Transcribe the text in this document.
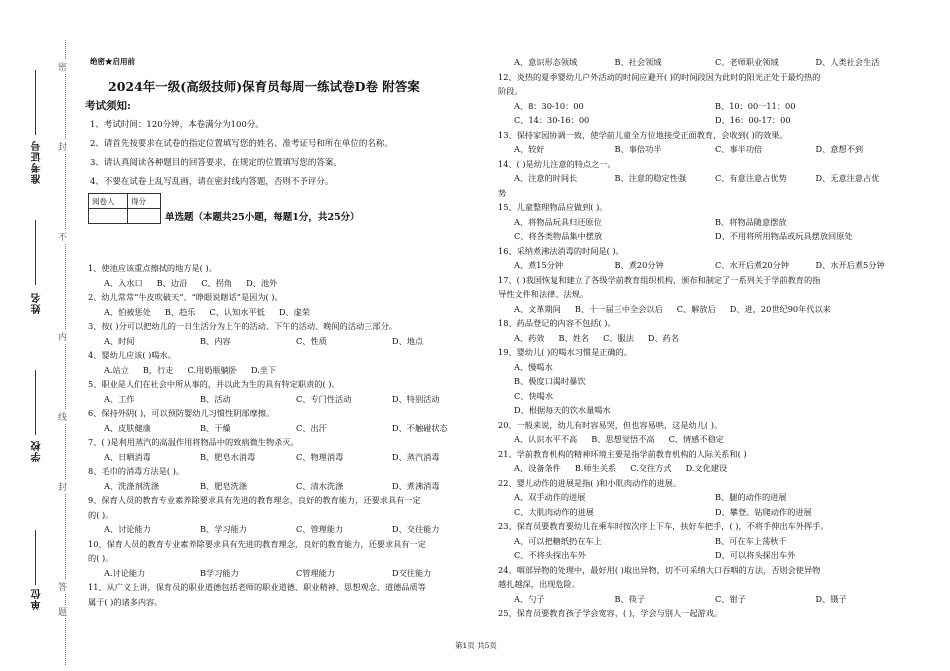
准考证号
姓名
学校
单位
密
封
不
内
线
封
答
题
绝密★启用前
2024年一级(高级技师)保育员每周一练试卷D卷 附答案
考试须知:
1、考试时间：120分钟，本卷满分为100分。
2、请首先按要求在试卷的指定位置填写您的姓名、准考证号和所在单位的名称。
3、请认真阅读各种题目的回答要求，在规定的位置填写您的答案。
4、不要在试卷上乱写乱画，请在密封线内答题，否则不予评分。
阅卷人	得分

单选题（本题共25小题，每题1分，共25分）
1、使池应该重点擦拭的地方是( )。
A、入水口 B、边沿 C、拐角 D、池外
2、幼儿常常“牛皮吹破天”、“睁眼说瞎话”是因为( )。
A、怕被惩处 B、趋乐 C、认知水平低 D、虚荣
3、按( )分可以把幼儿的一日生活分为上午的活动、下午的活动、晚间的活动三部分。
A、时间	B、内容	C、性质	D、地点
4、婴幼儿应该( )喝水。
A.站立 B，行走 C.用奶瓶躺卧 D.坐下
5、职业是人们在社会中所从事的，并以此为生的具有特定职责的( )。
A、工作	B、活动	C、专门性活动	D、特别活动
6、保持外阴( )，可以预防婴幼儿习惯性阴部摩擦。
A、皮肤健康	B、干燥	C、出汗	D、不触碰状态
7、( )是利用蒸汽的高温作用将物品中的致病微生物杀灭。
A、日晒消毒	B、肥皂水消毒	C、物理消毒	D、蒸汽消毒
8、毛巾的消毒方法是( )。
A、洗涤剂洗涤	B、肥皂洗涤	C、清水洗涤	D、煮沸消毒
9、保育人员的教育专业素养除要求具有先进的教育理念，良好的教育能力，还要求具有一定
的( )。
A、讨论能力	B、学习能力	C、管理能力	D、交往能力
10、保育人员的教育专业素养除要求具有先进的教育理念，良好的教育能力，还要求具有一定
的( )。
A.讨论能力	B学习能力	C管理能力	D交往能力
11、从广义上讲，保育员的职业道德包括老师的职业道德、职业精神、思想观念、道德品质等
属于( )的诸多内容。
A、意识形态领域	B、社会领域	C、老师职业领域	D、人类社会生活
12、炎热的夏季婴幼儿户外活动的时间应避开( )的时间段因为此时的阳光正处于最灼热的
阶段。
A、8：30-10：00	B、10：00一11：00
C、14：30-16：00	D、16：00-17：00
13、保持家园协调一致，使学前儿童全方位地接受正面教育，会收到( )的效果。
A、较好	B、事倍功半	C、事半功倍	D、意想不到
14、( )是幼儿注意的特点之一。
A、注意的时间长	B、注意的稳定性强	C、有意注意占优势	D、无意注意占优
势
15、儿童整理物品应做到( )。
A、将物品玩具归还原位	B、将物品随意摆放
C、将各类物品集中摆放	D、不用将所用物品或玩具摆放回原处
16、采纳煮沸法消毒的时间是( )。
A、煮15分钟	B、煮20分钟	C、水开后煮20分钟	D、水开后煮5分钟
17、( )我国恢复和建立了各级学前教育组织机构，颁布和制定了一系列关于学前教育的指
导性文件和法律、法规。
A、文革期间 B、十一届三中全会以后 C、解放后 D、进，20世纪90年代以来
18、药品登记的内容不包括( )。
A、药效 B、姓名 C、服法 D、药名
19、婴幼儿( )的喝水习惯是正确的。
A、慢喝水
B、极度口渴时暴饮
C、快喝水
D、根据每天的饮水量喝水
20、一般来说，幼儿有时容易哭，但也容易哄，这是幼儿( )。
A、认识水平不高 B、思想觉悟不高 C、情感不稳定
21、学前教育机构的精神环境主要是指学前教育机构的人际关系和( )
A、设备条件 B.师生关系 C.交往方式 D.文化建设
22、婴儿动作的进展是指( )和小肌肉动作的进展。
A、双手动作的进展	B、腿的动作的进展
C、大肌肉动作的进展	D、攀登、钻爬动作的进展
23、保育员要教育要幼儿在乘车时按次序上下车，扶好车把手，( )，不将手伸出车外挥手。
A、可以把糖纸扔在车上	B、可在车上荡秋千
C、不将头探出车外	D、可以将头探出车外
24、咽部异物的处理中，最好用( )取出异物，切不可采纳大口吞咽的方法，否则会使异物
越扎越深，出现危险。
A、勺子	B、筷子	C、钳子	D、镊子
25、保育员要教育孩子学会宽容，( )，学会与别人一起游戏。
第1页 共5页
